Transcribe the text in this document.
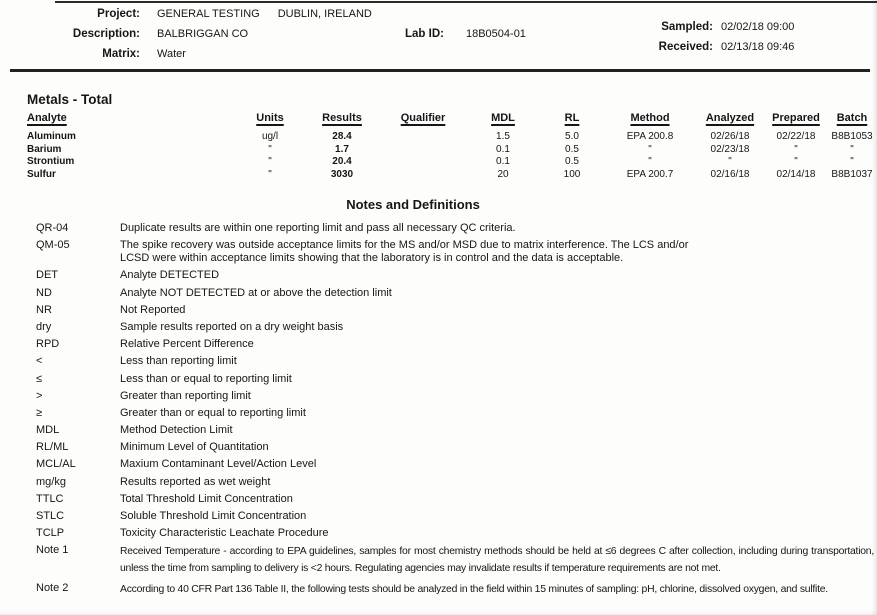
Project: GENERAL TESTING DUBLIN, IRELAND
Description: BALBRIGGAN CO
Matrix: Water
Lab ID: 18B0504-01
Sampled: 02/02/18 09:00
Received: 02/13/18 09:46
Metals - Total
Analyte	Units	Results	Qualifier	MDL	RL	Method	Analyzed	Prepared	Batch
Aluminum	ug/l	28.4		1.5	5.0	EPA 200.8	02/26/18	02/22/18	B8B1053
Barium	"	1.7		0.1	0.5	"	02/23/18	"	"
Strontium	"	20.4		0.1	0.5	"	"	"	"
Sulfur	"	3030		20	100	EPA 200.7	02/16/18	02/14/18	B8B1037
Notes and Definitions
QR-04	Duplicate results are within one reporting limit and pass all necessary QC criteria.
QM-05	The spike recovery was outside acceptance limits for the MS and/or MSD due to matrix interference. The LCS and/or LCSD were within acceptance limits showing that the laboratory is in control and the data is acceptable.
DET	Analyte DETECTED
ND	Analyte NOT DETECTED at or above the detection limit
NR	Not Reported
dry	Sample results reported on a dry weight basis
RPD	Relative Percent Difference
<	Less than reporting limit
≤	Less than or equal to reporting limit
>	Greater than reporting limit
≥	Greater than or equal to reporting limit
MDL	Method Detection Limit
RL/ML	Minimum Level of Quantitation
MCL/AL	Maxium Contaminant Level/Action Level
mg/kg	Results reported as wet weight
TTLC	Total Threshold Limit Concentration
STLC	Soluble Threshold Limit Concentration
TCLP	Toxicity Characteristic Leachate Procedure
Note 1	Received Temperature - according to EPA guidelines, samples for most chemistry methods should be held at ≤6 degrees C after collection, including during transportation, unless the time from sampling to delivery is <2 hours. Regulating agencies may invalidate results if temperature requirements are not met.
Note 2	According to 40 CFR Part 136 Table II, the following tests should be analyzed in the field within 15 minutes of sampling: pH, chlorine, dissolved oxygen, and sulfite.
